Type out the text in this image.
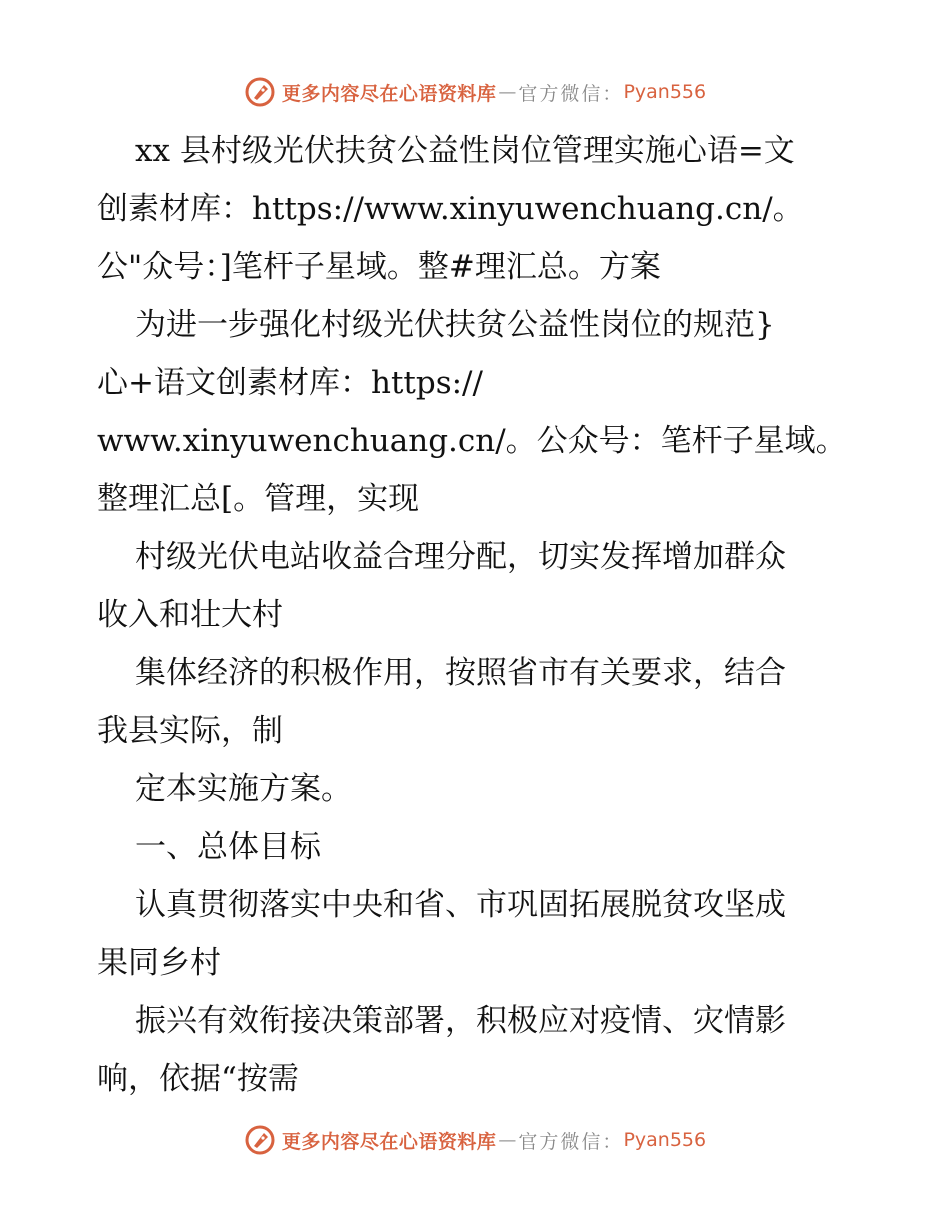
更多内容尽在心语资料库 — 官方微信： Pyan556

xx 县村级光伏扶贫公益性岗位管理实施心语=文
创素材库：https://www.xinyuwenchuang.cn/。
公"众号：]笔杆子星域。整#理汇总。方案

为进一步强化村级光伏扶贫公益性岗位的规范}
心+语文创素材库：https://
www.xinyuwenchuang.cn/。公众号：笔杆子星域。
整理汇总[。管理，实现

村级光伏电站收益合理分配，切实发挥增加群众
收入和壮大村

集体经济的积极作用，按照省市有关要求，结合
我县实际，制

定本实施方案。

一、总体目标

认真贯彻落实中央和省、市巩固拓展脱贫攻坚成
果同乡村

振兴有效衔接决策部署，积极应对疫情、灾情影
响，依据“按需

更多内容尽在心语资料库 — 官方微信： Pyan556
